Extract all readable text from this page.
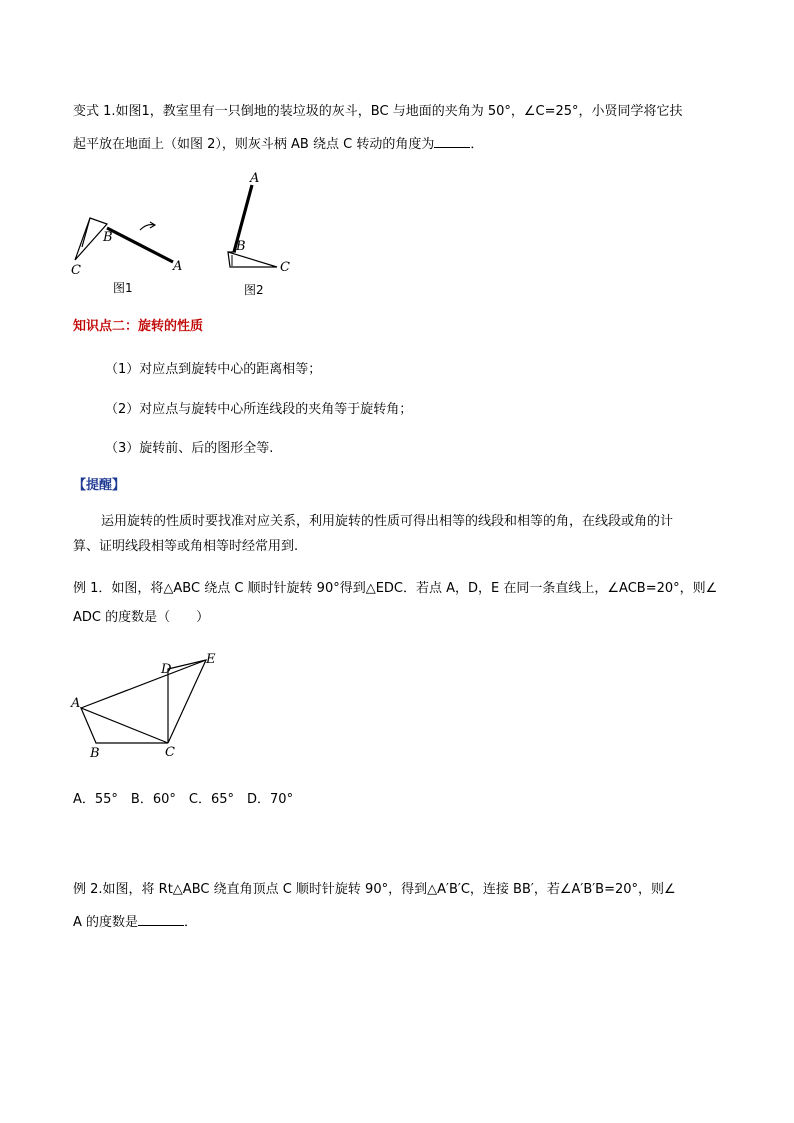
变式 1.如图1，教室里有一只倒地的装垃圾的灰斗，BC 与地面的夹角为 50°，∠C=25°，小贤同学将它扶
起平放在地面上（如图 2），则灰斗柄 AB 绕点 C 转动的角度为	．
B
C	A
图1
A
B
C
图2
知识点二：旋转的性质
（1）对应点到旋转中心的距离相等；
（2）对应点与旋转中心所连线段的夹角等于旋转角；
（3）旋转前、后的图形全等.
【提醒】
运用旋转的性质时要找准对应关系，利用旋转的性质可得出相等的线段和相等的角，在线段或角的计
算、证明线段相等或角相等时经常用到.
例 1．如图，将△ABC 绕点 C 顺时针旋转 90°得到△EDC．若点 A，D，E 在同一条直线上，∠ACB=20°，则∠
ADC 的度数是（　　）
A
B	C
D
E
A．55°　B．60°　C．65°　D．70°
例 2.如图，将 Rt△ABC 绕直角顶点 C 顺时针旋转 90°，得到△A′B′C，连接 BB′，若∠A′B′B=20°，则∠
A 的度数是	．
